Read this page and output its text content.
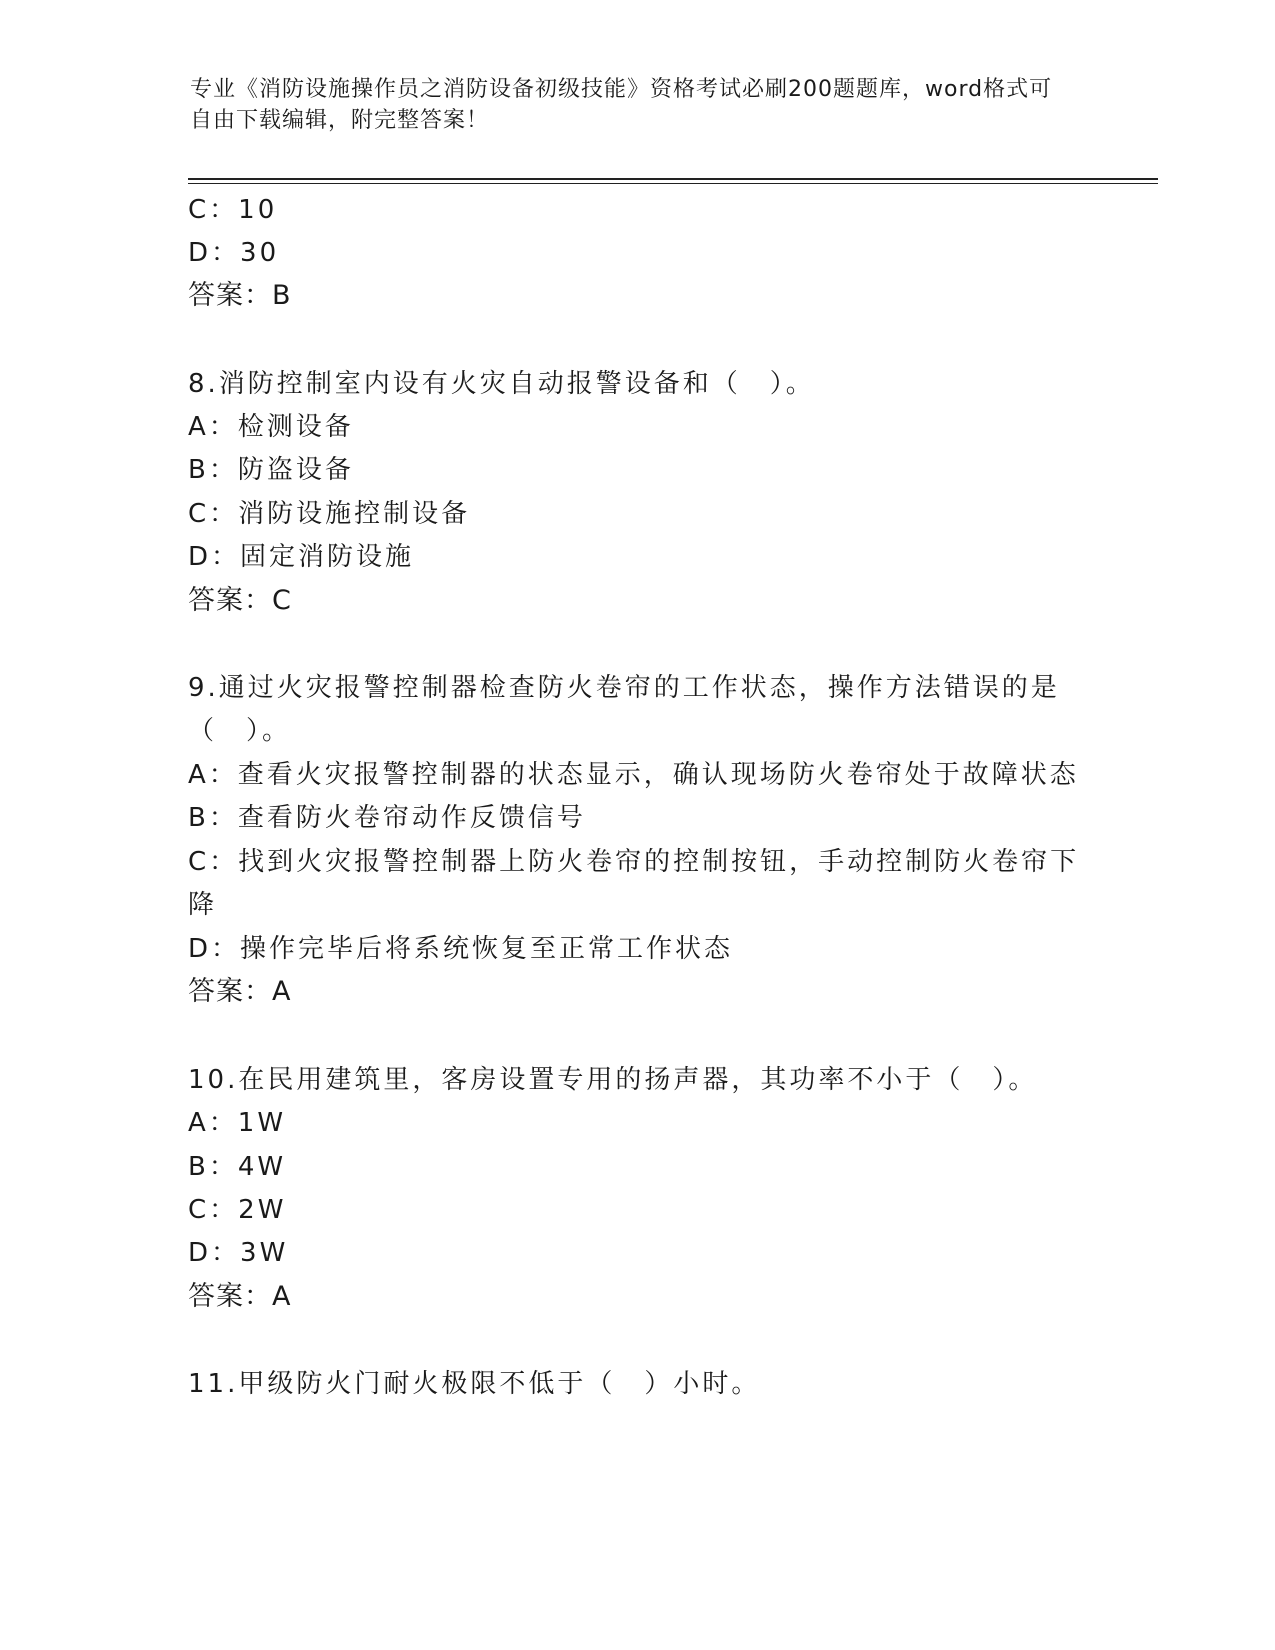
专业《消防设施操作员之消防设备初级技能》资格考试必刷200题题库，word格式可自由下载编辑，附完整答案！
C：10
D：30
答案：B
8.消防控制室内设有火灾自动报警设备和（　）。
A：检测设备
B：防盗设备
C：消防设施控制设备
D：固定消防设施
答案：C
9.通过火灾报警控制器检查防火卷帘的工作状态，操作方法错误的是
（　）。
A：查看火灾报警控制器的状态显示，确认现场防火卷帘处于故障状态
B：查看防火卷帘动作反馈信号
C：找到火灾报警控制器上防火卷帘的控制按钮，手动控制防火卷帘下
降
D：操作完毕后将系统恢复至正常工作状态
答案：A
10.在民用建筑里，客房设置专用的扬声器，其功率不小于（　）。
A：1W
B：4W
C：2W
D：3W
答案：A
11.甲级防火门耐火极限不低于（　）小时。
